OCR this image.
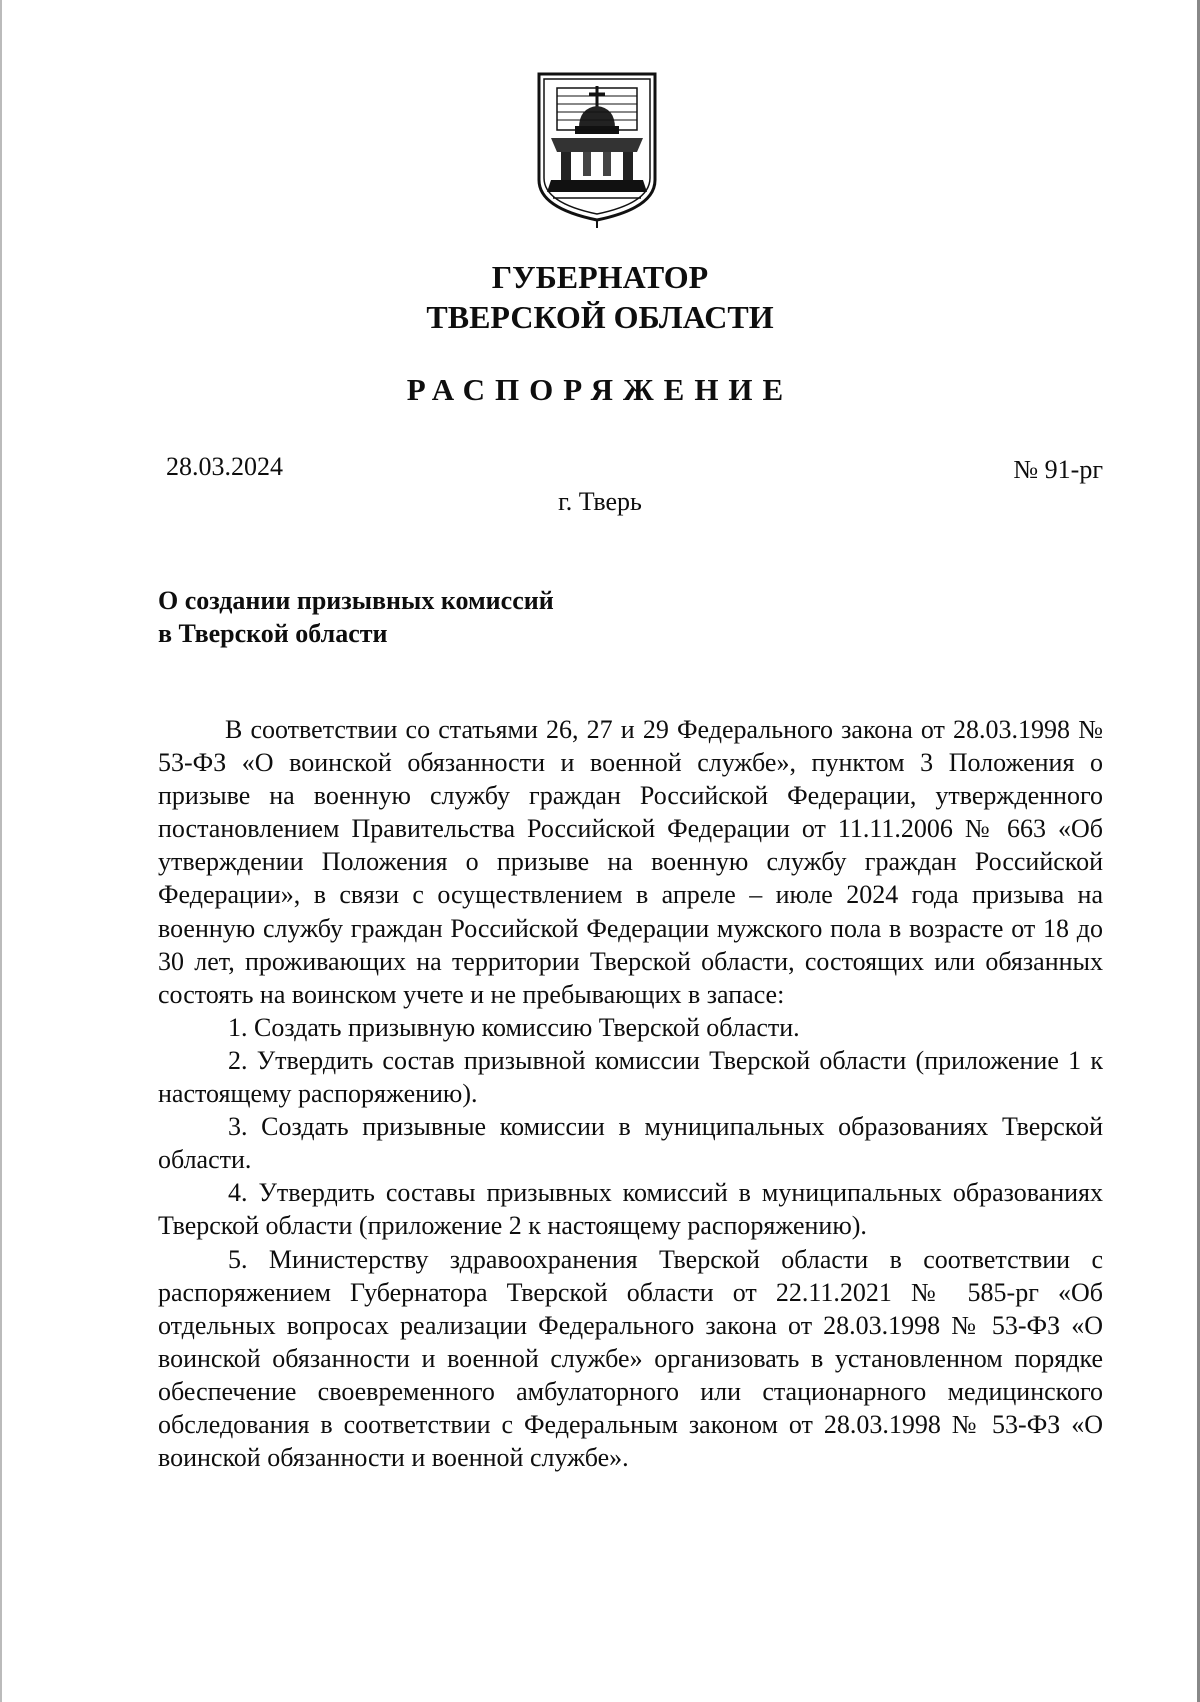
ГУБЕРНАТОР
ТВЕРСКОЙ ОБЛАСТИ
РАСПОРЯЖЕНИЕ
28.03.2024	№ 91-рг
г. Тверь
О создании призывных комиссий
в Тверской области

В соответствии со статьями 26, 27 и 29 Федерального закона от 28.03.1998 № 53-ФЗ «О воинской обязанности и военной службе», пунктом 3 Положения о призыве на военную службу граждан Российской Федерации, утвержденного постановлением Правительства Российской Федерации от 11.11.2006 № 663 «Об утверждении Положения о призыве на военную службу граждан Российской Федерации», в связи с осуществлением в апреле – июле 2024 года призыва на военную службу граждан Российской Федерации мужского пола в возрасте от 18 до 30 лет, проживающих на территории Тверской области, состоящих или обязанных состоять на воинском учете и не пребывающих в запасе:

1. Создать призывную комиссию Тверской области.

2. Утвердить состав призывной комиссии Тверской области (приложение 1 к настоящему распоряжению).

3. Создать призывные комиссии в муниципальных образованиях Тверской области.

4. Утвердить составы призывных комиссий в муниципальных образованиях Тверской области (приложение 2 к настоящему распоряжению).

5. Министерству здравоохранения Тверской области в соответствии с распоряжением Губернатора Тверской области от 22.11.2021 № 585-рг «Об отдельных вопросах реализации Федерального закона от 28.03.1998 № 53-ФЗ «О воинской обязанности и военной службе» организовать в установленном порядке обеспечение своевременного амбулаторного или стационарного медицинского обследования в соответствии с Федеральным законом от 28.03.1998 № 53-ФЗ «О воинской обязанности и военной службе».
